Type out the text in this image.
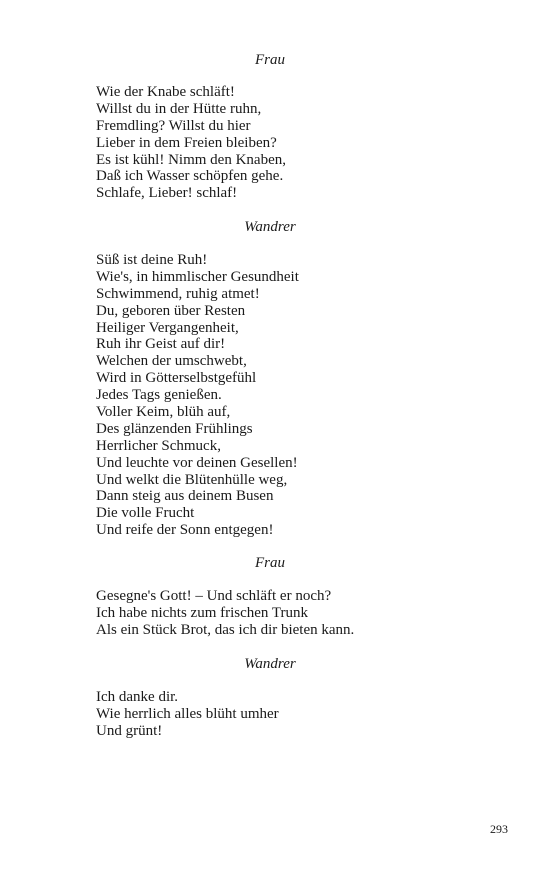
Frau
Wie der Knabe schläft!
Willst du in der Hütte ruhn,
Fremdling? Willst du hier
Lieber in dem Freien bleiben?
Es ist kühl! Nimm den Knaben,
Daß ich Wasser schöpfen gehe.
Schlafe, Lieber! schlaf!
Wandrer
Süß ist deine Ruh!
Wie's, in himmlischer Gesundheit
Schwimmend, ruhig atmet!
Du, geboren über Resten
Heiliger Vergangenheit,
Ruh ihr Geist auf dir!
Welchen der umschwebt,
Wird in Götterselbstgefühl
Jedes Tags genießen.
Voller Keim, blüh auf,
Des glänzenden Frühlings
Herrlicher Schmuck,
Und leuchte vor deinen Gesellen!
Und welkt die Blütenhülle weg,
Dann steig aus deinem Busen
Die volle Frucht
Und reife der Sonn entgegen!
Frau
Gesegne's Gott! – Und schläft er noch?
Ich habe nichts zum frischen Trunk
Als ein Stück Brot, das ich dir bieten kann.
Wandrer
Ich danke dir.
Wie herrlich alles blüht umher
Und grünt!
293
